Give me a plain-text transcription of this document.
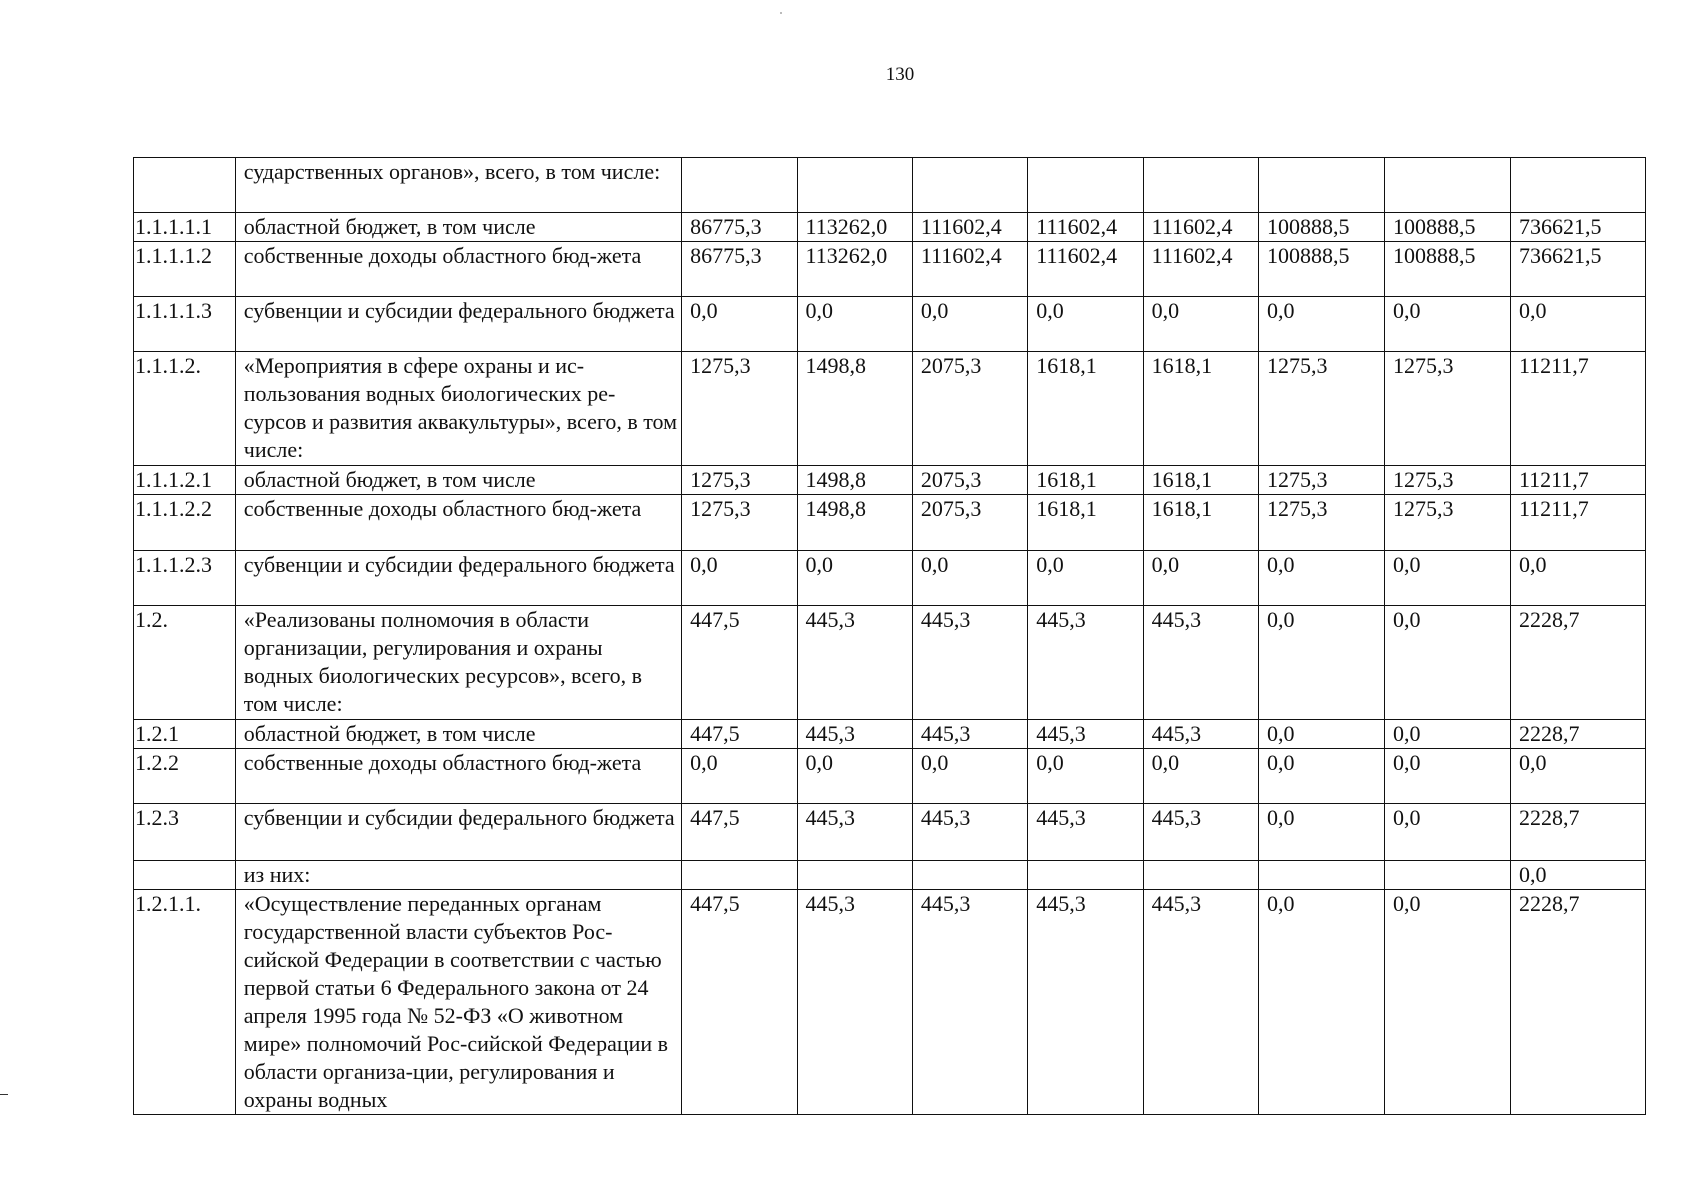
130
	сударственных органов», всего, в том числе:								
1.1.1.1.1	областной бюджет, в том числе	86775,3	113262,0	111602,4	111602,4	111602,4	100888,5	100888,5	736621,5
1.1.1.1.2	собственные доходы областного бюд-жета	86775,3	113262,0	111602,4	111602,4	111602,4	100888,5	100888,5	736621,5
1.1.1.1.3	субвенции и субсидии федерального бюджета	0,0	0,0	0,0	0,0	0,0	0,0	0,0	0,0
1.1.1.2.	«Мероприятия в сфере охраны и ис-пользования водных биологических ре-сурсов и развития аквакультуры», всего, в том числе:	1275,3	1498,8	2075,3	1618,1	1618,1	1275,3	1275,3	11211,7
1.1.1.2.1	областной бюджет, в том числе	1275,3	1498,8	2075,3	1618,1	1618,1	1275,3	1275,3	11211,7
1.1.1.2.2	собственные доходы областного бюд-жета	1275,3	1498,8	2075,3	1618,1	1618,1	1275,3	1275,3	11211,7
1.1.1.2.3	субвенции и субсидии федерального бюджета	0,0	0,0	0,0	0,0	0,0	0,0	0,0	0,0
1.2.	«Реализованы полномочия в области организации, регулирования и охраны водных биологических ресурсов», всего, в том числе:	447,5	445,3	445,3	445,3	445,3	0,0	0,0	2228,7
1.2.1	областной бюджет, в том числе	447,5	445,3	445,3	445,3	445,3	0,0	0,0	2228,7
1.2.2	собственные доходы областного бюд-жета	0,0	0,0	0,0	0,0	0,0	0,0	0,0	0,0
1.2.3	субвенции и субсидии федерального бюджета	447,5	445,3	445,3	445,3	445,3	0,0	0,0	2228,7
	из них:								0,0
1.2.1.1.	«Осуществление переданных органам государственной власти субъектов Рос-сийской Федерации в соответствии с частью первой статьи 6 Федерального закона от 24 апреля 1995 года № 52-ФЗ «О животном мире» полномочий Рос-сийской Федерации в области организа-ции, регулирования и охраны водных	447,5	445,3	445,3	445,3	445,3	0,0	0,0	2228,7
